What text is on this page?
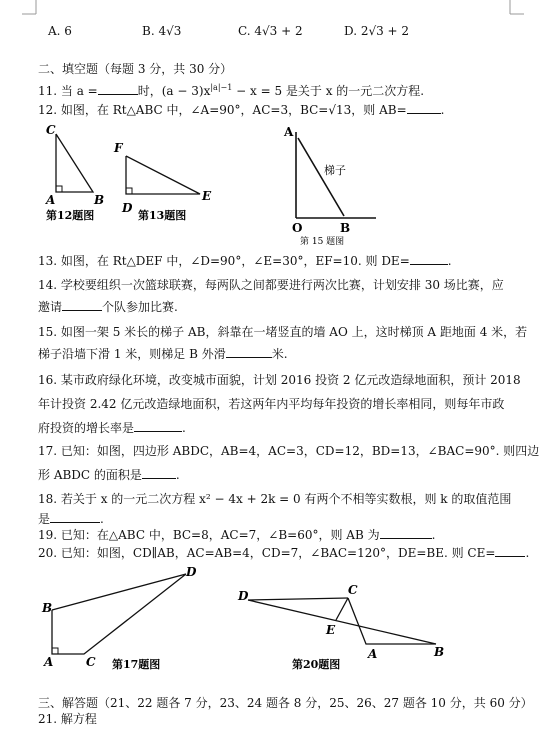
A. 6	B. 4√3	C. 4√3 + 2	D. 2√3 + 2
二、填空题（每题 3 分，共 30 分）
11. 当 a =	时，$(a - 3)x^{|a|-1} - x = 5$ 是关于 x 的一元二次方程.
12. 如图，在 Rt△ABC 中，∠A=90°，AC=3，BC=√13，则 AB=	.
C
A	B
第12题图
F
D
E
第13题图
A
梯子
O	B
第 15 题图
13. 如图，在 Rt△DEF 中，∠D=90°，∠E=30°，EF=10. 则 DE=	.
14. 学校要组织一次篮球联赛，每两队之间都要进行两次比赛，计划安排 30 场比赛，应
邀请	个队参加比赛.
15. 如图一架 5 米长的梯子 AB，斜靠在一堵竖直的墙 AO 上，这时梯顶 A 距地面 4 米，若
梯子沿墙下滑 1 米，则梯足 B 外滑	米.
16. 某市政府绿化环境，改变城市面貌，计划 2016 投资 2 亿元改造绿地面积，预计 2018
年计投资 2.42 亿元改造绿地面积，若这两年内平均每年投资的增长率相同，则每年市政
府投资的增长率是	.
17. 已知：如图，四边形 ABDC，AB=4，AC=3，CD=12，BD=13，∠BAC=90°. 则四边
形 ABDC 的面积是	.
18. 若关于 x 的一元二次方程 x² − 4x + 2k = 0 有两个不相等实数根，则 k 的取值范围
是	.
19. 已知：在△ABC 中，BC=8，AC=7，∠B=60°，则 AB 为	.
20. 已知：如图，CD∥AB，AC=AB=4，CD=7，∠BAC=120°，DE=BE. 则 CE=	.
D
B
A	C 第17题图
D	C
E
A	B
第20题图
三、解答题（21、22 题各 7 分，23、24 题各 8 分，25、26、27 题各 10 分，共 60 分）
21. 解方程
